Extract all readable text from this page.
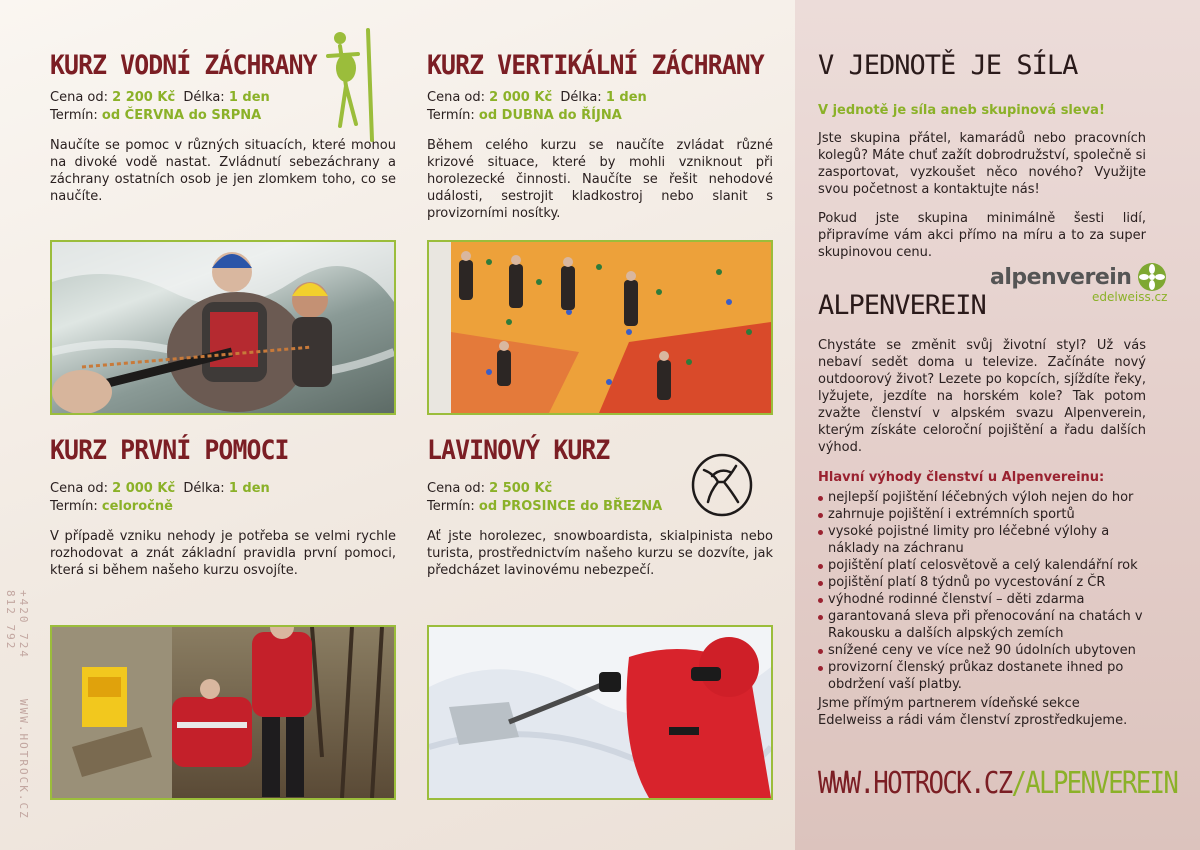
KURZ VODNÍ ZÁCHRANY
Cena od: 2 200 Kč Délka: 1 den
Termín: od ČERVNA do SRPNA
Naučíte se pomoc v různých situacích, které mohou na divoké vodě nastat. Zvládnutí sebezáchrany a záchrany ostatních osob je jen zlomkem toho, co se naučíte.
KURZ VERTIKÁLNÍ ZÁCHRANY
Cena od: 2 000 Kč Délka: 1 den
Termín: od DUBNA do ŘÍJNA
Během celého kurzu se naučíte zvládat různé krizové situace, které by mohli vzniknout při horolezecké činnosti. Naučíte se řešit nehodové události, sestrojit kladkostroj nebo slanit s provizorními nosítky.
KURZ PRVNÍ POMOCI
Cena od: 2 000 Kč Délka: 1 den
Termín: celoročně
V případě vzniku nehody je potřeba se velmi rychle rozhodovat a znát základní pravidla první pomoci, která si během našeho kurzu osvojíte.
LAVINOVÝ KURZ
Cena od: 2 500 Kč
Termín: od PROSINCE do BŘEZNA
Ať jste horolezec, snowboardista, skialpinista nebo turista, prostřednictvím našeho kurzu se dozvíte, jak předcházet lavinovému nebezpečí.
+420 724 812 792
WWW.HOTROCK.CZ
V JEDNOTĚ JE SÍLA
V jednotě je síla aneb skupinová sleva!
Jste skupina přátel, kamarádů nebo pracovních kolegů? Máte chuť zažít dobrodružství, společně si zasportovat, vyzkoušet něco nového? Využijte svou početnost a kontaktujte nás!
Pokud jste skupina minimálně šesti lidí, připravíme vám akci přímo na míru a to za super skupinovou cenu.
alpenverein
edelweiss.cz
ALPENVEREIN
Chystáte se změnit svůj životní styl? Už vás nebaví sedět doma u televize. Začínáte nový outdoorový život? Lezete po kopcích, sjíždíte řeky, lyžujete, jezdíte na horském kole? Tak potom zvažte členství v alpském svazu Alpenverein, kterým získáte celoroční pojištění a řadu dalších výhod.
Hlavní výhody členství u Alpenvereinu:
nejlepší pojištění léčebných výloh nejen do hor
zahrnuje pojištění i extrémních sportů
vysoké pojistné limity pro léčebné výlohy a náklady na záchranu
pojištění platí celosvětově a celý kalendářní rok
pojištění platí 8 týdnů po vycestování z ČR
výhodné rodinné členství – děti zdarma
garantovaná sleva při přenocování na chatách v Rakousku a dalších alpských zemích
snížené ceny ve více než 90 údolních ubytoven
provizorní členský průkaz dostanete ihned po obdržení vaší platby.
Jsme přímým partnerem vídeňské sekce Edelweiss a rádi vám členství zprostředkujeme.
WWW.HOTROCK.CZ/ALPENVEREIN
